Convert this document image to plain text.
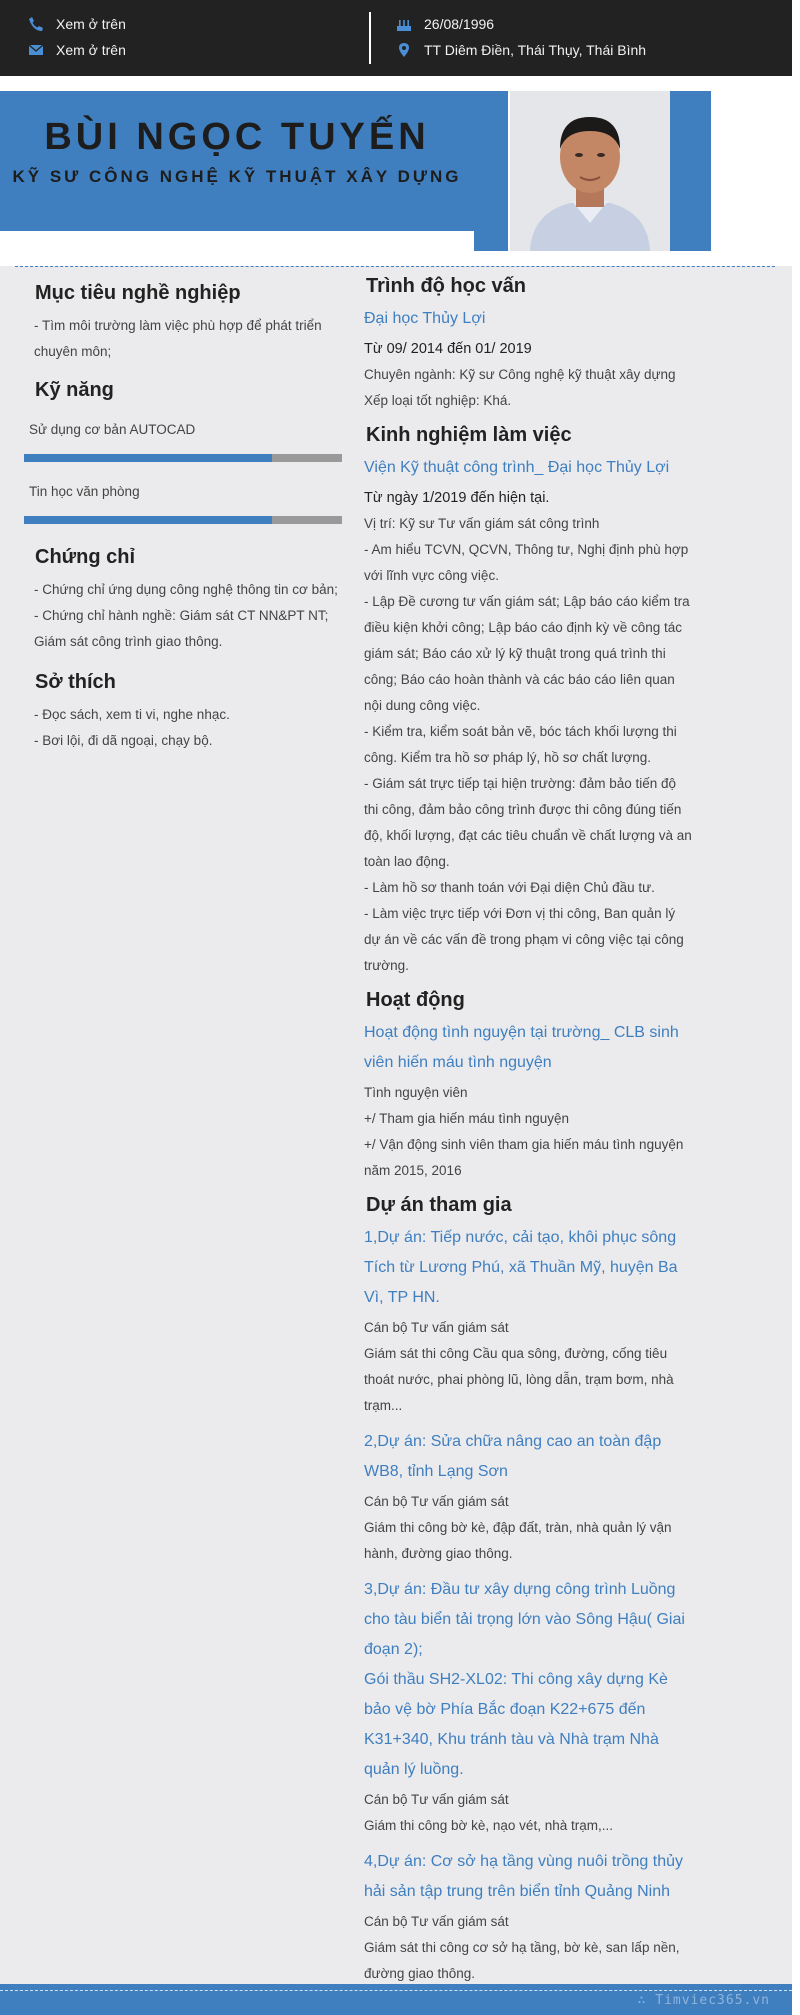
Xem ở trên
Xem ở trên
26/08/1996
TT Diêm Điền, Thái Thụy, Thái Bình
BÙI NGỌC TUYẾN
KỸ SƯ CÔNG NGHỆ KỸ THUẬT XÂY DỰNG
Mục tiêu nghề nghiệp
- Tìm môi trường làm việc phù hợp để phát triển chuyên môn;
Kỹ năng
Sử dụng cơ bản AUTOCAD
Tin học văn phòng
Chứng chỉ
- Chứng chỉ ứng dụng công nghệ thông tin cơ bản;
- Chứng chỉ hành nghề: Giám sát CT NN&PT NT; Giám sát công trình giao thông.
Sở thích
- Đọc sách, xem ti vi, nghe nhạc.
- Bơi lội, đi dã ngoại, chạy bộ.
Trình độ học vấn
Đại học Thủy Lợi
Từ 09/ 2014 đến 01/ 2019
Chuyên ngành: Kỹ sư Công nghệ kỹ thuật xây dựng
Xếp loại tốt nghiệp: Khá.
Kinh nghiệm làm việc
Viện Kỹ thuật công trình_ Đại học Thủy Lợi
Từ ngày 1/2019 đến hiện tại.
Vị trí: Kỹ sư Tư vấn giám sát công trình
- Am hiểu TCVN, QCVN, Thông tư, Nghị định phù hợp với lĩnh vực công việc.
- Lập Đề cương tư vấn giám sát; Lập báo cáo kiểm tra điều kiện khởi công; Lập báo cáo định kỳ về công tác giám sát; Báo cáo xử lý kỹ thuật trong quá trình thi công; Báo cáo hoàn thành và các báo cáo liên quan nội dung công việc.
- Kiểm tra, kiểm soát bản vẽ, bóc tách khối lượng thi công. Kiểm tra hồ sơ pháp lý, hồ sơ chất lượng.
- Giám sát trực tiếp tại hiện trường: đảm bảo tiến độ thi công, đảm bảo công trình được thi công đúng tiến độ, khối lượng, đạt các tiêu chuẩn về chất lượng và an toàn lao động.
- Làm hồ sơ thanh toán với Đại diện Chủ đầu tư.
- Làm việc trực tiếp với Đơn vị thi công, Ban quản lý dự án về các vấn đề trong phạm vi công việc tại công trường.
Hoạt động
Hoạt động tình nguyện tại trường_ CLB sinh viên hiến máu tình nguyện
Tình nguyện viên
+/ Tham gia hiến máu tình nguyện
+/ Vận động sinh viên tham gia hiến máu tình nguyện năm 2015, 2016
Dự án tham gia
1,Dự án: Tiếp nước, cải tạo, khôi phục sông Tích từ Lương Phú, xã Thuần Mỹ, huyện Ba Vì, TP HN.
Cán bộ Tư vấn giám sát
Giám sát thi công Cầu qua sông, đường, cống tiêu thoát nước, phai phòng lũ, lòng dẫn, trạm bơm, nhà trạm...
2,Dự án: Sửa chữa nâng cao an toàn đập WB8, tỉnh Lạng Sơn
Cán bộ Tư vấn giám sát
Giám thi công bờ kè, đập đất, tràn, nhà quản lý vận hành, đường giao thông.
3,Dự án: Đầu tư xây dựng công trình Luồng cho tàu biển tải trọng lớn vào Sông Hậu( Giai đoạn 2);
Gói thầu SH2-XL02: Thi công xây dựng Kè bảo vệ bờ Phía Bắc đoạn K22+675 đến K31+340, Khu tránh tàu và Nhà trạm Nhà quản lý luồng.
Cán bộ Tư vấn giám sát
Giám thi công bờ kè, nạo vét, nhà trạm,...
4,Dự án: Cơ sở hạ tầng vùng nuôi trồng thủy hải sản tập trung trên biển tỉnh Quảng Ninh
Cán bộ Tư vấn giám sát
Giám sát thi công cơ sở hạ tầng, bờ kè, san lấp nền, đường giao thông.
∴ Timviec365.vn
